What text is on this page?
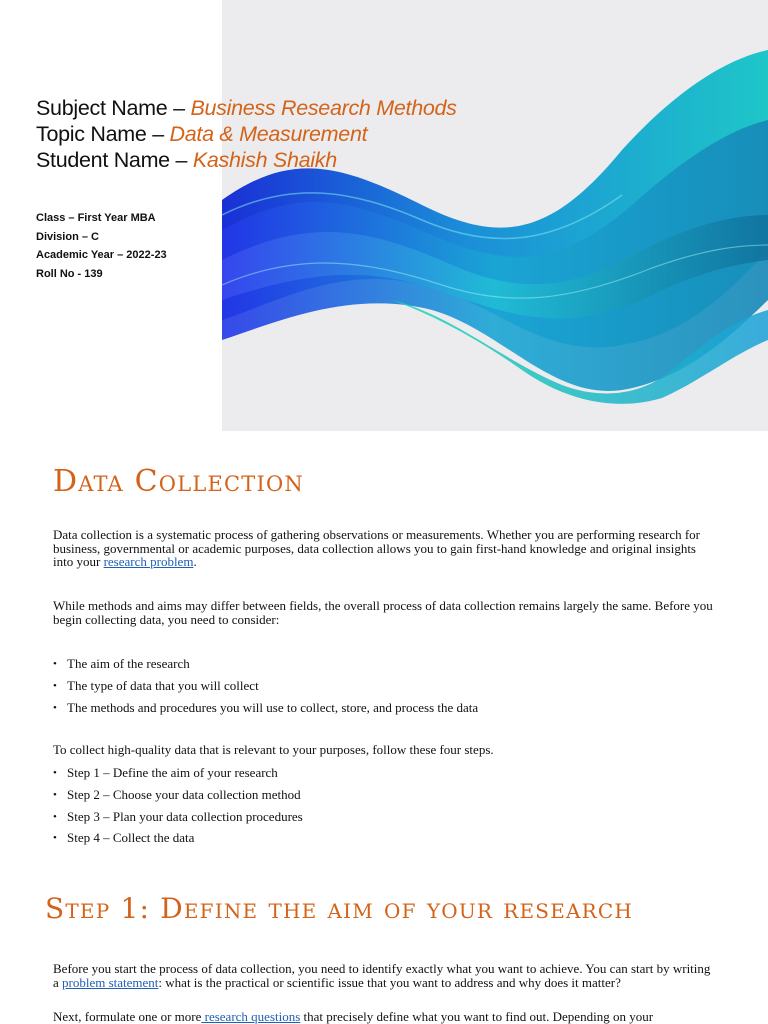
Subject Name – Business Research Methods
Topic Name – Data & Measurement
Student Name – Kashish Shaikh
Class – First Year MBA
Division – C
Academic Year – 2022-23
Roll No - 139
Data Collection

Data collection is a systematic process of gathering observations or measurements. Whether you are performing research for business, governmental or academic purposes, data collection allows you to gain first-hand knowledge and original insights into your research problem.

While methods and aims may differ between fields, the overall process of data collection remains largely the same. Before you begin collecting data, you need to consider:

• The aim of the research
• The type of data that you will collect
• The methods and procedures you will use to collect, store, and process the data

To collect high-quality data that is relevant to your purposes, follow these four steps.

• Step 1 – Define the aim of your research
• Step 2 – Choose your data collection method
• Step 3 – Plan your data collection procedures
• Step 4 – Collect the data
Step 1: Define the aim of your research

Before you start the process of data collection, you need to identify exactly what you want to achieve. You can start by writing a problem statement: what is the practical or scientific issue that you want to address and why does it matter?

Next, formulate one or more research questions that precisely define what you want to find out. Depending on your
